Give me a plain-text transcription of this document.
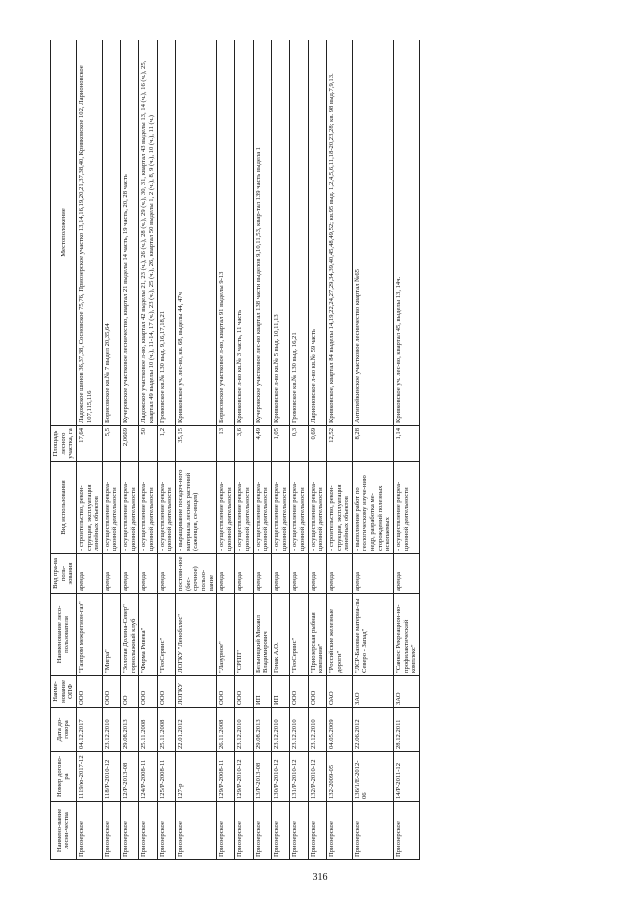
Наимено-вание лесни-чества	Номер догово-ра	Дата до-говора	Наиме-нование ОПФ	Наименование лесо-пользователя	Вид пра-ва поль-зования	Вид использования	Площадь лесного участка, га	Местоположение
Приозерское	1119/ю-2017-12	04.12.2017	ООО	"Газпром межрегион-газ"	аренда	- строительство, рекон-струкция, эксплуатация линейных объектов	17,64	Ладожское шинов 36,37,38, Сосновское 75,76, Приозерское участко 13,14,16,19,20,21,37,38,40, Кривковское 102, Ларионовское 107,115,116
Приозерское	118/Р-2010-12	23.12.2010	ООО	"Мигра"	аренда	- осуществление рекреа-ционной деятельности	5,5	Борисовское кв.№ 7 выдел 20,35,64
Приозерское	12/Р-2013-08	29.08.2013	ОО	"Золотая Долина-Север" горнолыжный клуб	аренда	- осуществление рекреа-ционной деятельности	2,0669	Кучеровское участковое лесничество, квартал 21 выделы 14 часть, 19 часть, 20, 28 часть
Приозерское	124/Р-2008-11	25.11.2008	ООО	"Фирма Ривека"	аренда	- осуществление рекреа-ционной деятельности	50	Ладожское участковое л-во, квартал 42 выделы 21, 23 (ч.), 26 (ч.), 28 (ч.), 29 (ч.), 30, 31, квартал 43 выделы 13, 14 (ч.), 16 (ч.), 25, квартал 49 выделы 10 (ч.), 11-14, 17 (ч.), 23 (ч.), 25 (ч.), 26, квартал 50 выделы 1, 2 (ч.), 8, 9 (ч.), 10 (ч.), 11 (ч.)
Приозерское	125/Р-2008-11	25.11.2008	ООО	"ГеоСервис"	аренда	- осуществление рекреа-ционной деятельности	1,2	Громовское кв.№ 130 выд. 9,16,17,18,21
Приозерское	127-р	22.01.2012	ЛОГКУ	ЛОГКУ "Ленобллес"	постоян-ное (бес-срочное) пользо-вание	- выращивание посадоч-ного материала лесных растений (саженцев, се-янцев)	35,15	Кривковское уч. лес-во, кв. 68, выделы 44, 47ч
Приозерское	129/Р-2008-11	26.11.2008	ООО	"Лазурное"	аренда	- осуществление рекреа-ционной деятельности	13	Борисовское участковое л-во, квартал 91 выделы 9-13
Приозерское	129/Р-2010-12	23.12.2010	ООО	"СРПП"	аренда	- осуществление рекреа-ционной деятельности	3,6	Кривковское л-во кв.№ 3 часть, 11 часть
Приозерское	13/Р-2013-08	29.08.2013	ИП	Бельницкий Михаил Владимирович	аренда	- осуществление рекреа-ционной деятельности	4,49	Кучеровское участковое лес-во квартал 138 части выделов 9,10,11,53, квар-тал 139 часть выдела 1
Приозерское	130/Р-2010-12	23.12.2010	ИП	Гонак А.О.	аренда	- осуществление рекреа-ционной деятельности	1,05	Кривковское л-во кв.№ 5 выд. 10,11,13
Приозерское	131/Р-2010-12	23.12.2010	ООО	"ГеоСервис"	аренда	- осуществление рекреа-ционной деятельности	0,3	Громовское кв.№ 130 выд. 16,21
Приозерское	132/Р-2010-12	23.12.2010	ООО	"Приозерская рыбная компания"	аренда	- осуществление рекреа-ционной деятельности	0,69	Ларионовское л-во кв.№ 59 часть
Приозерское	132-2009-05	04.05.2009	ОАО	"Российские железные дороги"	аренда	- строительство, рекон-струкция, эксплуатация линейных объектов	12,52	Кривковское, квартал 84 выделы 14,19,22,24,27,29,34,39,40,45,48,49,52; кв.95 выд. 1,2,4,5,6,11,18-20,23,28; кв. 98 выд.7,9,13.
Приозерское	136/1/Е-2012-06	22.06.2012	ЗАО	"ЛСР-Базовые материа-лы Северо - Запад"	аренда	- выполнение работ по геологическому изуче-нию недр, разработка ме-сторождений полезных ископаемых	8,28	Антипейкинское участковое лесничество квартал №65
Приозерское	14/Р-2011-12	28.12.2011	ЗАО	"Санкос Рекреацион-но-профилактический комплекс"	аренда	- осуществление рекреа-ционной деятельности	1,14	Кривковское уч. лес-во, квартал 45, выделы 13, 14ч.
316
